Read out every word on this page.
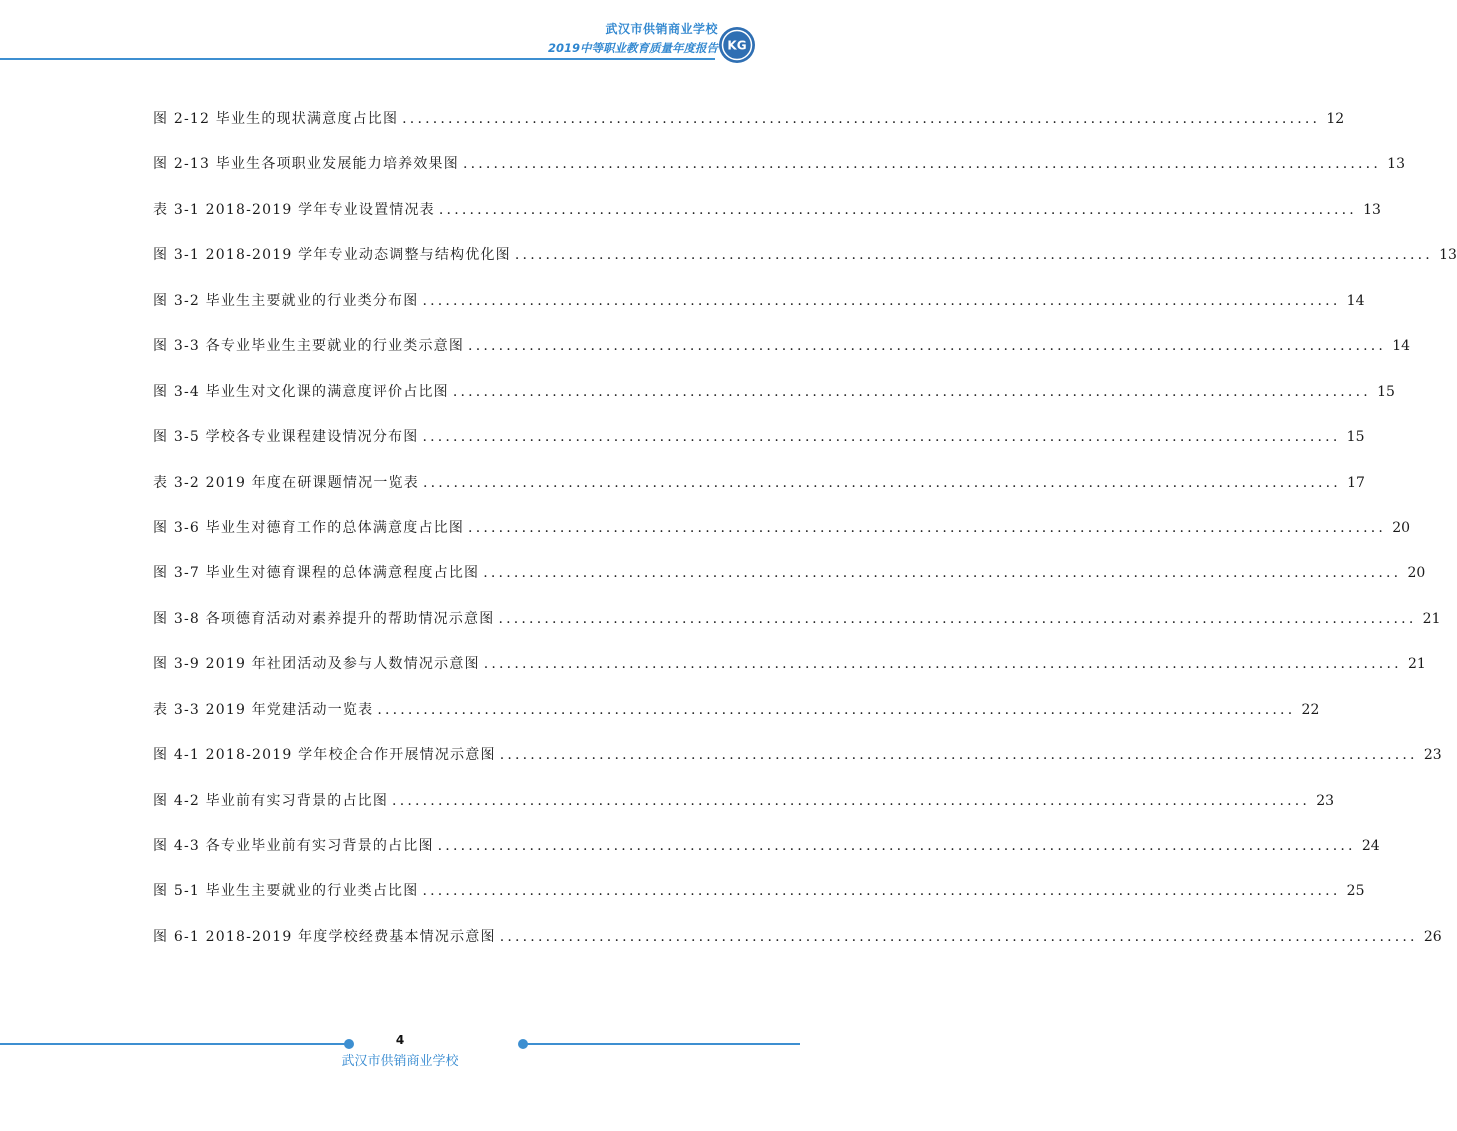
武汉市供销商业学校
2019中等职业教育质量年度报告 KG
图 2-12 毕业生的现状满意度占比图 ........................................................................................................................ 12
图 2-13 毕业生各项职业发展能力培养效果图 ........................................................................................................................ 13
表 3-1 2018-2019 学年专业设置情况表 ........................................................................................................................ 13
图 3-1 2018-2019 学年专业动态调整与结构优化图 ........................................................................................................................ 13
图 3-2 毕业生主要就业的行业类分布图 ........................................................................................................................ 14
图 3-3 各专业毕业生主要就业的行业类示意图 ........................................................................................................................ 14
图 3-4 毕业生对文化课的满意度评价占比图 ........................................................................................................................ 15
图 3-5 学校各专业课程建设情况分布图 ........................................................................................................................ 15
表 3-2 2019 年度在研课题情况一览表 ........................................................................................................................ 17
图 3-6 毕业生对德育工作的总体满意度占比图 ........................................................................................................................ 20
图 3-7 毕业生对德育课程的总体满意程度占比图 ........................................................................................................................ 20
图 3-8 各项德育活动对素养提升的帮助情况示意图 ........................................................................................................................ 21
图 3-9 2019 年社团活动及参与人数情况示意图 ........................................................................................................................ 21
表 3-3 2019 年党建活动一览表 ........................................................................................................................ 22
图 4-1 2018-2019 学年校企合作开展情况示意图 ........................................................................................................................ 23
图 4-2 毕业前有实习背景的占比图 ........................................................................................................................ 23
图 4-3 各专业毕业前有实习背景的占比图 ........................................................................................................................ 24
图 5-1 毕业生主要就业的行业类占比图 ........................................................................................................................ 25
图 6-1 2018-2019 年度学校经费基本情况示意图 ........................................................................................................................ 26
4
武汉市供销商业学校
